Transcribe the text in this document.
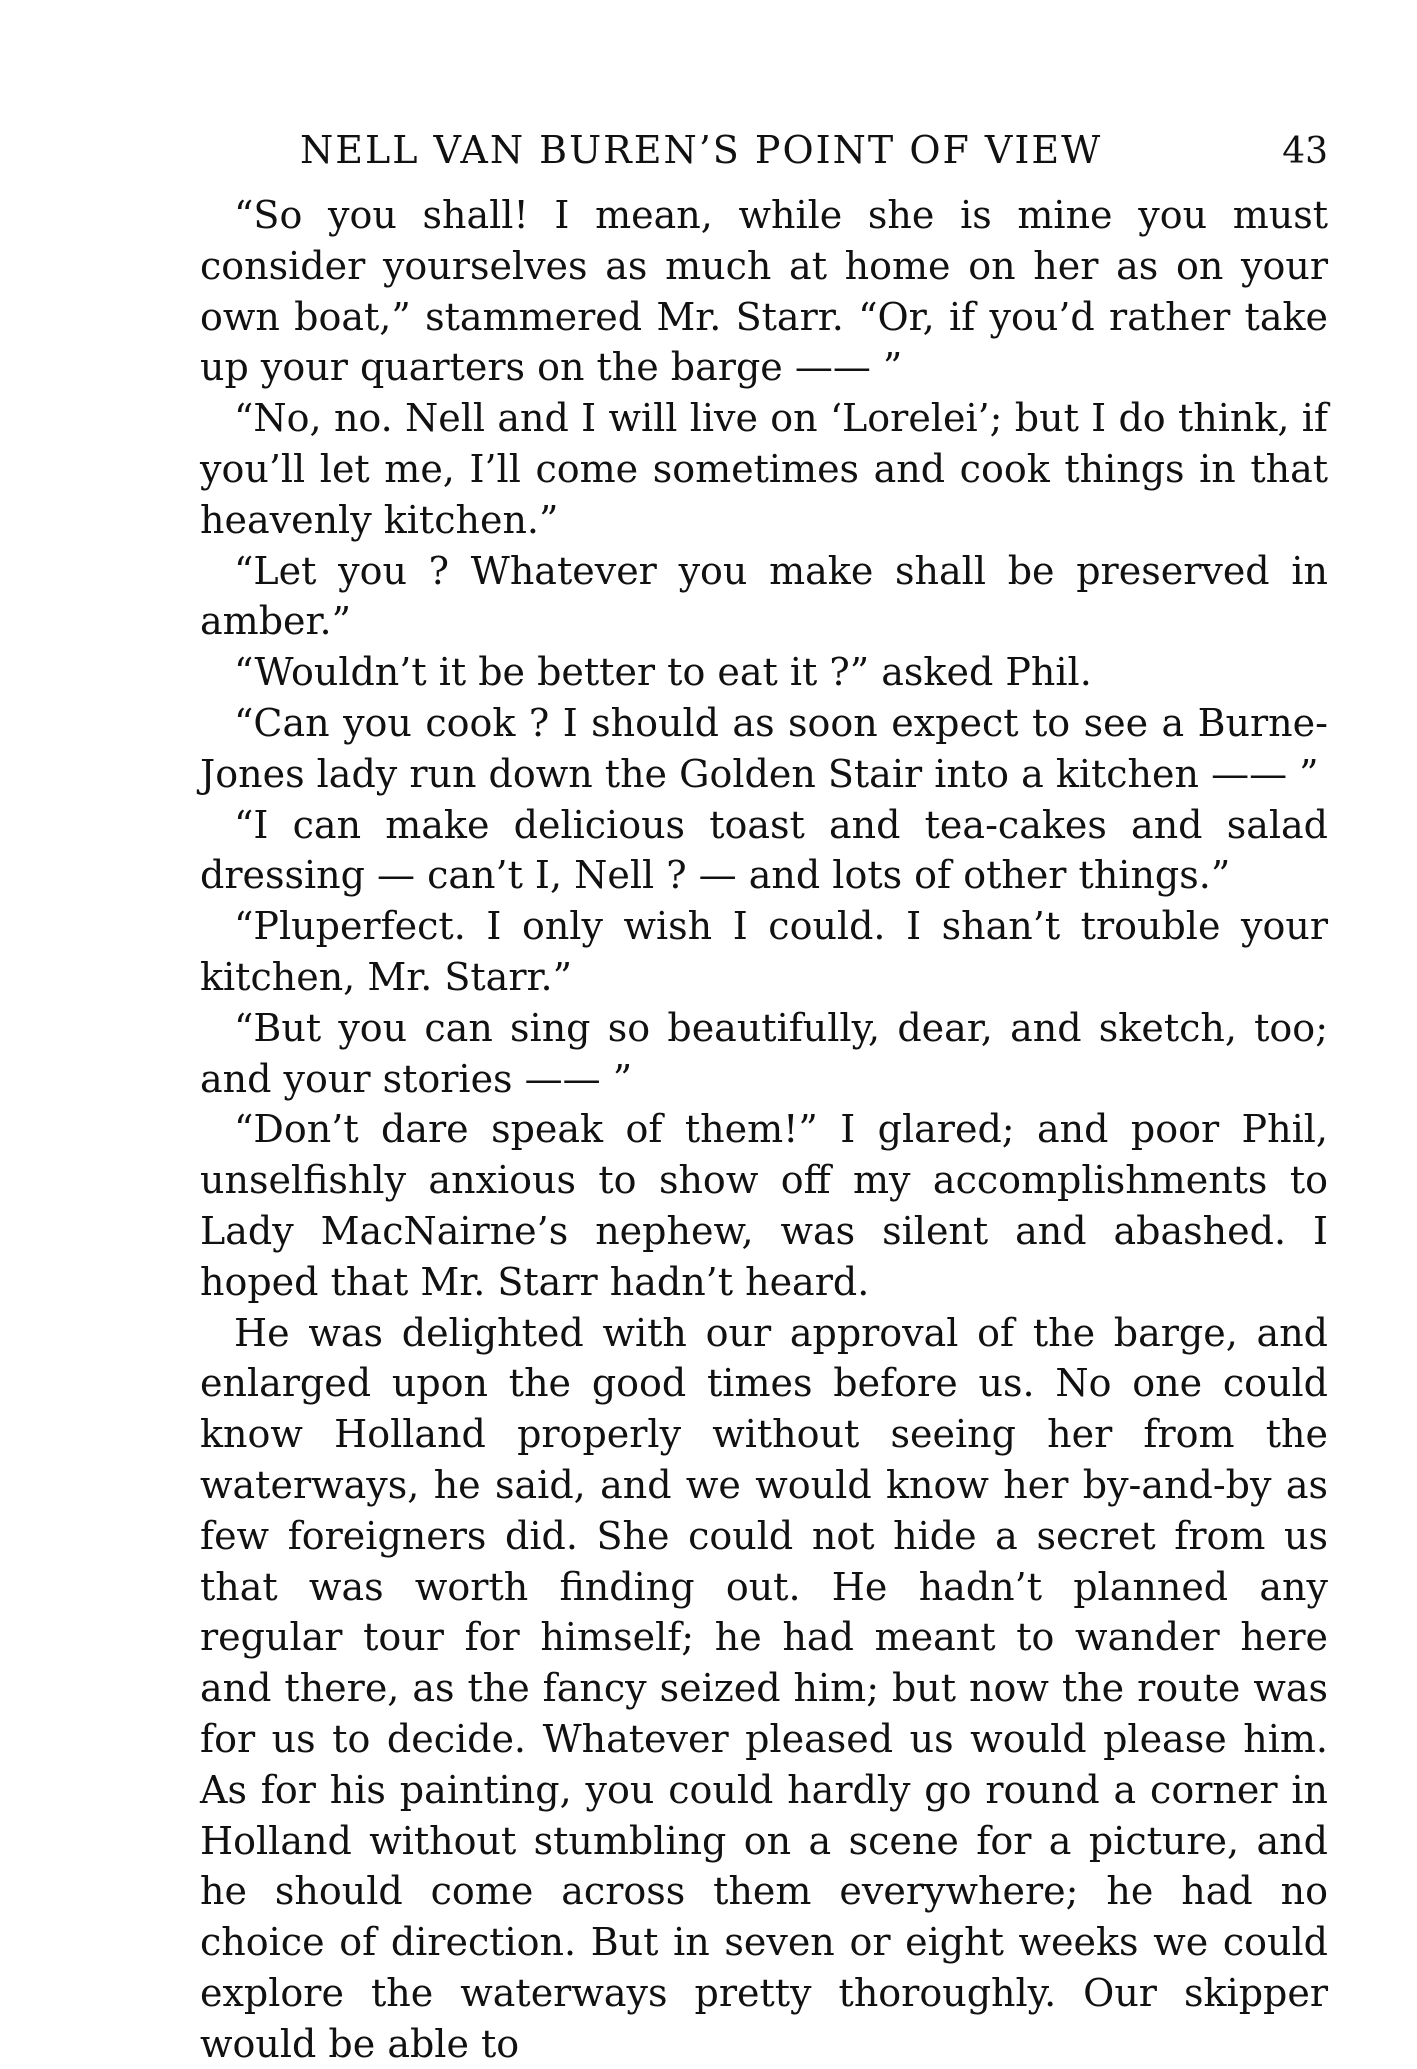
NELL VAN BUREN’S POINT OF VIEW	43

“So you shall! I mean, while she is mine you must consider yourselves as much at home on her as on your own boat,” stammered Mr. Starr. “Or, if you’d rather take up your quarters on the barge —— ”

“No, no. Nell and I will live on ‘Lorelei’; but I do think, if you’ll let me, I’ll come sometimes and cook things in that heavenly kitchen.”

“Let you ? Whatever you make shall be preserved in amber.”

“Wouldn’t it be better to eat it ?” asked Phil.

“Can you cook ? I should as soon expect to see a Burne-Jones lady run down the Golden Stair into a kitchen —— ”

“I can make delicious toast and tea-cakes and salad dressing — can’t I, Nell ? — and lots of other things.”

“Pluperfect. I only wish I could. I shan’t trouble your kitchen, Mr. Starr.”

“But you can sing so beautifully, dear, and sketch, too; and your stories —— ”

“Don’t dare speak of them!” I glared; and poor Phil, unselfishly anxious to show off my accomplishments to Lady MacNairne’s nephew, was silent and abashed. I hoped that Mr. Starr hadn’t heard.

He was delighted with our approval of the barge, and enlarged upon the good times before us. No one could know Holland properly without seeing her from the waterways, he said, and we would know her by-and-by as few foreigners did. She could not hide a secret from us that was worth finding out. He hadn’t planned any regular tour for himself; he had meant to wander here and there, as the fancy seized him; but now the route was for us to decide. Whatever pleased us would please him. As for his painting, you could hardly go round a corner in Holland without stumbling on a scene for a picture, and he should come across them everywhere; he had no choice of direction. But in seven or eight weeks we could explore the waterways pretty thoroughly. Our skipper would be able to
